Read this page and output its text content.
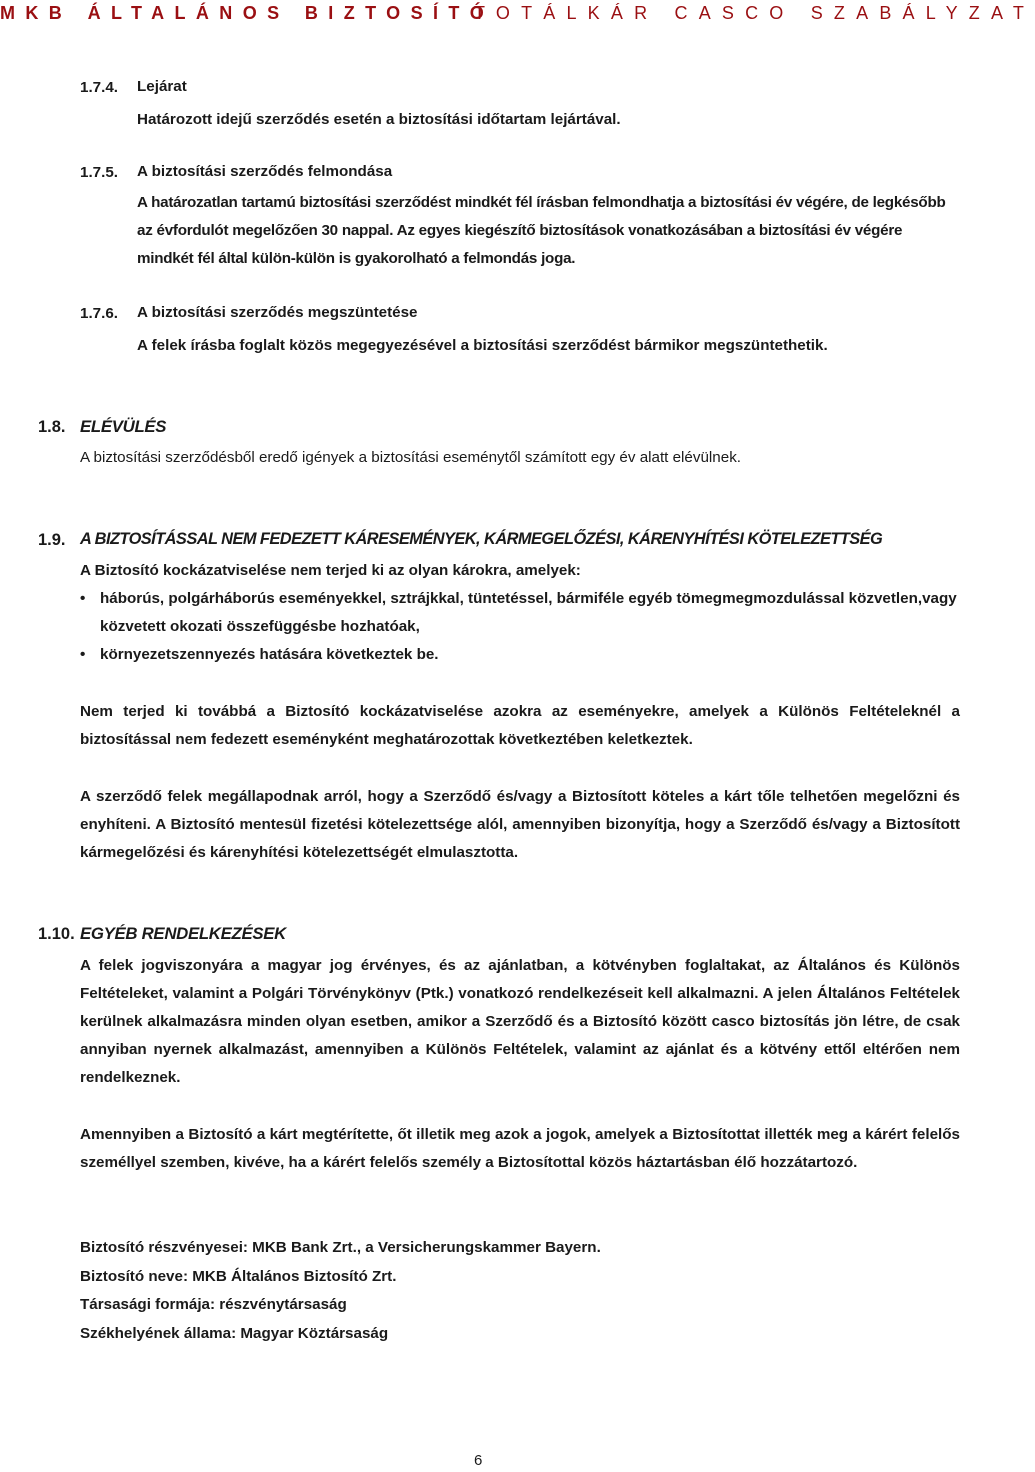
MKB ÁLTALÁNOS BIZTOSÍTÓ
TOTÁLKÁR CASCO SZABÁLYZAT
1.7.4. Lejárat
Határozott idejű szerződés esetén a biztosítási időtartam lejártával.
1.7.5. A biztosítási szerződés felmondása
A határozatlan tartamú biztosítási szerződést mindkét fél írásban felmondhatja a biztosítási év végére, de legkésőbb az évfordulót megelőzően 30 nappal. Az egyes kiegészítő biztosítások vonatkozásában a biztosítási év végére mindkét fél által külön-külön is gyakorolható a felmondás joga.
1.7.6. A biztosítási szerződés megszüntetése
A felek írásba foglalt közös megegyezésével a biztosítási szerződést bármikor megszüntethetik.
1.8. ELÉVÜLÉS
A biztosítási szerződésből eredő igények a biztosítási eseménytől számított egy év alatt elévülnek.
1.9. A BIZTOSÍTÁSSAL NEM FEDEZETT KÁRESEMÉNYEK, KÁRMEGELŐZÉSI, KÁRENYHÍTÉSI KÖTELEZETTSÉG
A Biztosító kockázatviselése nem terjed ki az olyan károkra, amelyek:
• háborús, polgárháborús eseményekkel, sztrájkkal, tüntetéssel, bármiféle egyéb tömegmegmozdulással közvetlen,vagy közvetett okozati összefüggésbe hozhatóak,
• környezetszennyezés hatására következtek be.
Nem terjed ki továbbá a Biztosító kockázatviselése azokra az eseményekre, amelyek a Különös Feltételeknél a biztosítással nem fedezett eseményként meghatározottak következtében keletkeztek.
A szerződő felek megállapodnak arról, hogy a Szerződő és/vagy a Biztosított köteles a kárt tőle telhetően megelőzni és enyhíteni. A Biztosító mentesül fizetési kötelezettsége alól, amennyiben bizonyítja, hogy a Szerződő és/vagy a Biztosított kármegelőzési és kárenyhítési kötelezettségét elmulasztotta.
1.10. EGYÉB RENDELKEZÉSEK
A felek jogviszonyára a magyar jog érvényes, és az ajánlatban, a kötvényben foglaltakat, az Általános és Különös Feltételeket, valamint a Polgári Törvénykönyv (Ptk.) vonatkozó rendelkezéseit kell alkalmazni. A jelen Általános Feltételek kerülnek alkalmazásra minden olyan esetben, amikor a Szerződő és a Biztosító között casco biztosítás jön létre, de csak annyiban nyernek alkalmazást, amennyiben a Különös Feltételek, valamint az ajánlat és a kötvény ettől eltérően nem rendelkeznek.
Amennyiben a Biztosító a kárt megtérítette, őt illetik meg azok a jogok, amelyek a Biztosítottat illették meg a kárért felelős személlyel szemben, kivéve, ha a kárért felelős személy a Biztosítottal közös háztartásban élő hozzátartozó.
Biztosító részvényesei: MKB Bank Zrt., a Versicherungskammer Bayern.
Biztosító neve: MKB Általános Biztosító Zrt.
Társasági formája: részvénytársaság
Székhelyének állama: Magyar Köztársaság
6
